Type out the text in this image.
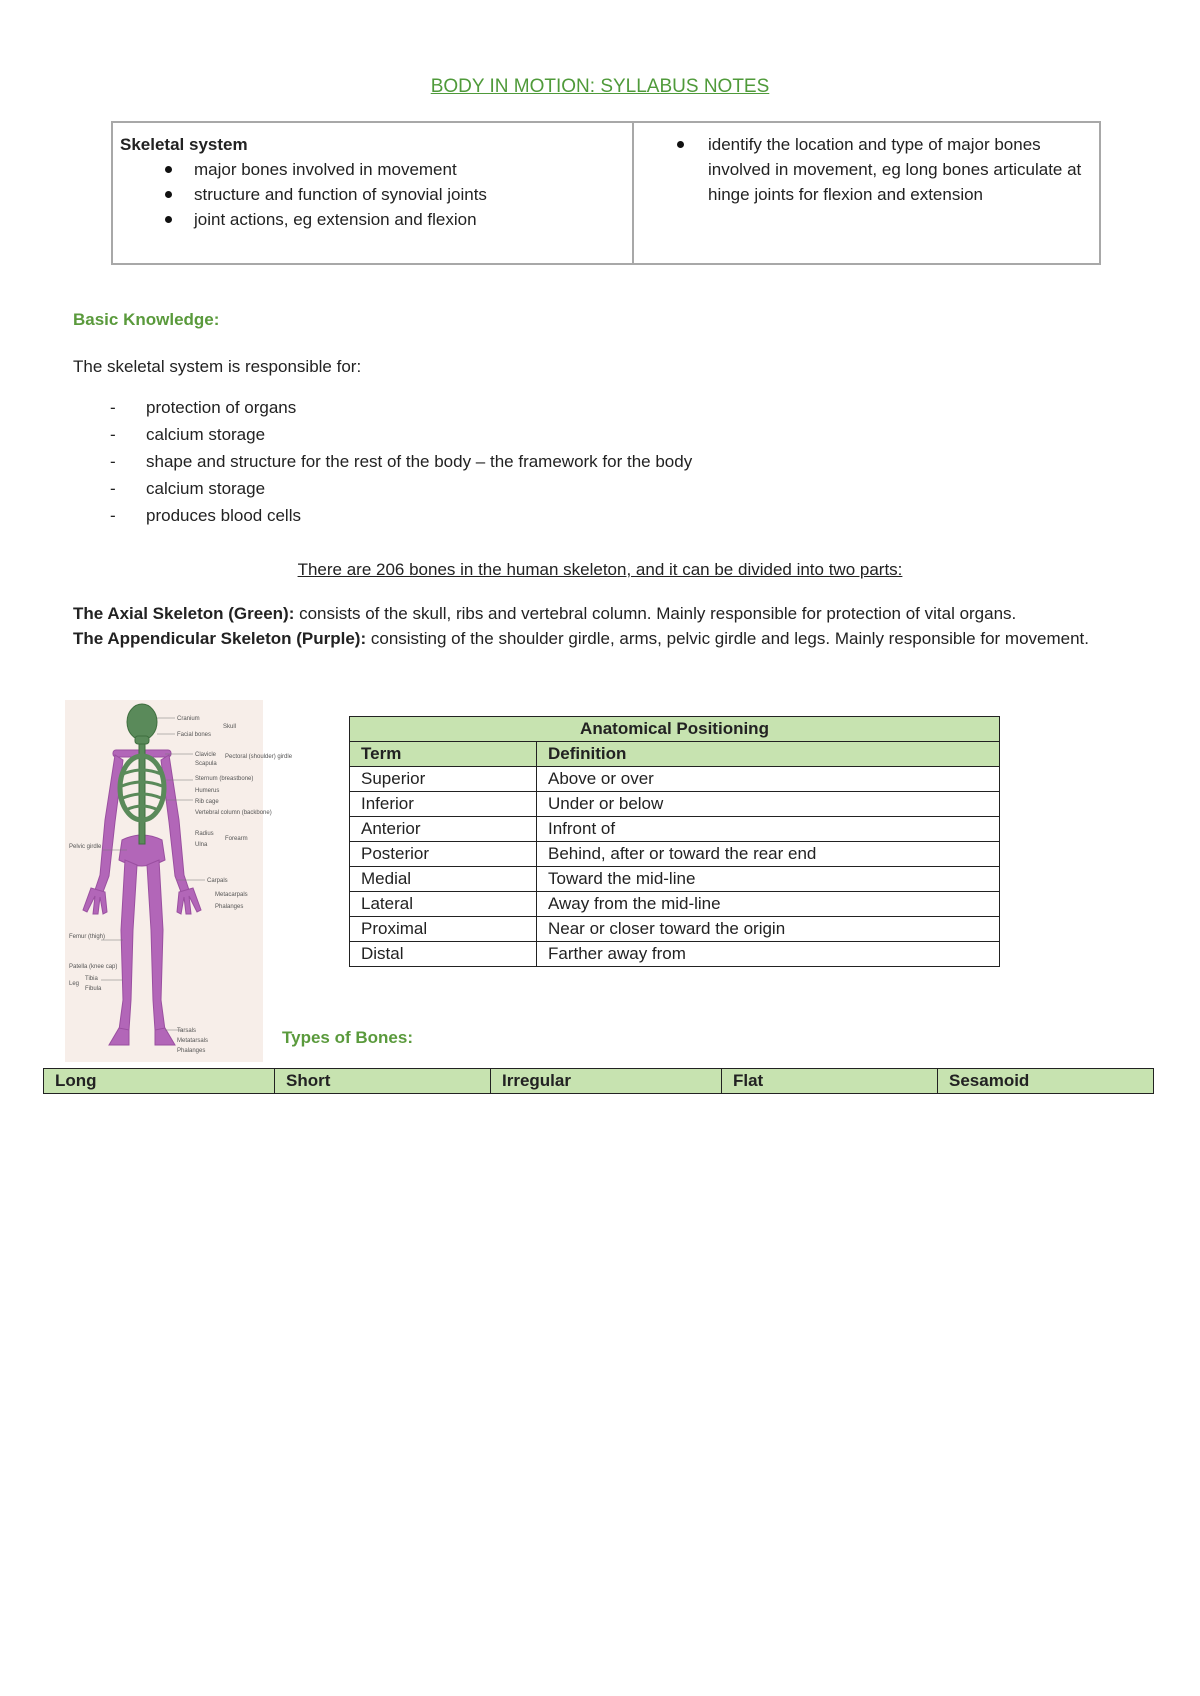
BODY IN MOTION: SYLLABUS NOTES
Skeletal system
major bones involved in movement
structure and function of synovial joints
joint actions, eg extension and flexion
identify the location and type of major bones involved in movement, eg long bones articulate at hinge joints for flexion and extension
Basic Knowledge:
The skeletal system is responsible for:
- protection of organs
- calcium storage
- shape and structure for the rest of the body – the framework for the body
- calcium storage
- produces blood cells
There are 206 bones in the human skeleton, and it can be divided into two parts:
The Axial Skeleton (Green): consists of the skull, ribs and vertebral column. Mainly responsible for protection of vital organs.
The Appendicular Skeleton (Purple): consisting of the shoulder girdle, arms, pelvic girdle and legs. Mainly responsible for movement.
Cranium
Facial bones
Skull
Clavicle
Scapula
Pectoral (shoulder) girdle
Sternum (breastbone)
Humerus
Rib cage
Vertebral column (backbone)
Radius
Ulna
Forearm
Carpals
Metacarpals
Phalanges
Tarsals
Metatarsals
Phalanges
Pelvic girdle
Femur (thigh)
Patella (knee cap)
Tibia
Fibula
Leg
Anatomical Positioning	
Term	Definition
Superior	Above or over
Inferior	Under or below
Anterior	Infront of
Posterior	Behind, after or toward the rear end
Medial	Toward the mid-line
Lateral	Away from the mid-line
Proximal	Near or closer toward the origin
Distal	Farther away from
Types of Bones:
Long	Short	Irregular	Flat	Sesamoid
